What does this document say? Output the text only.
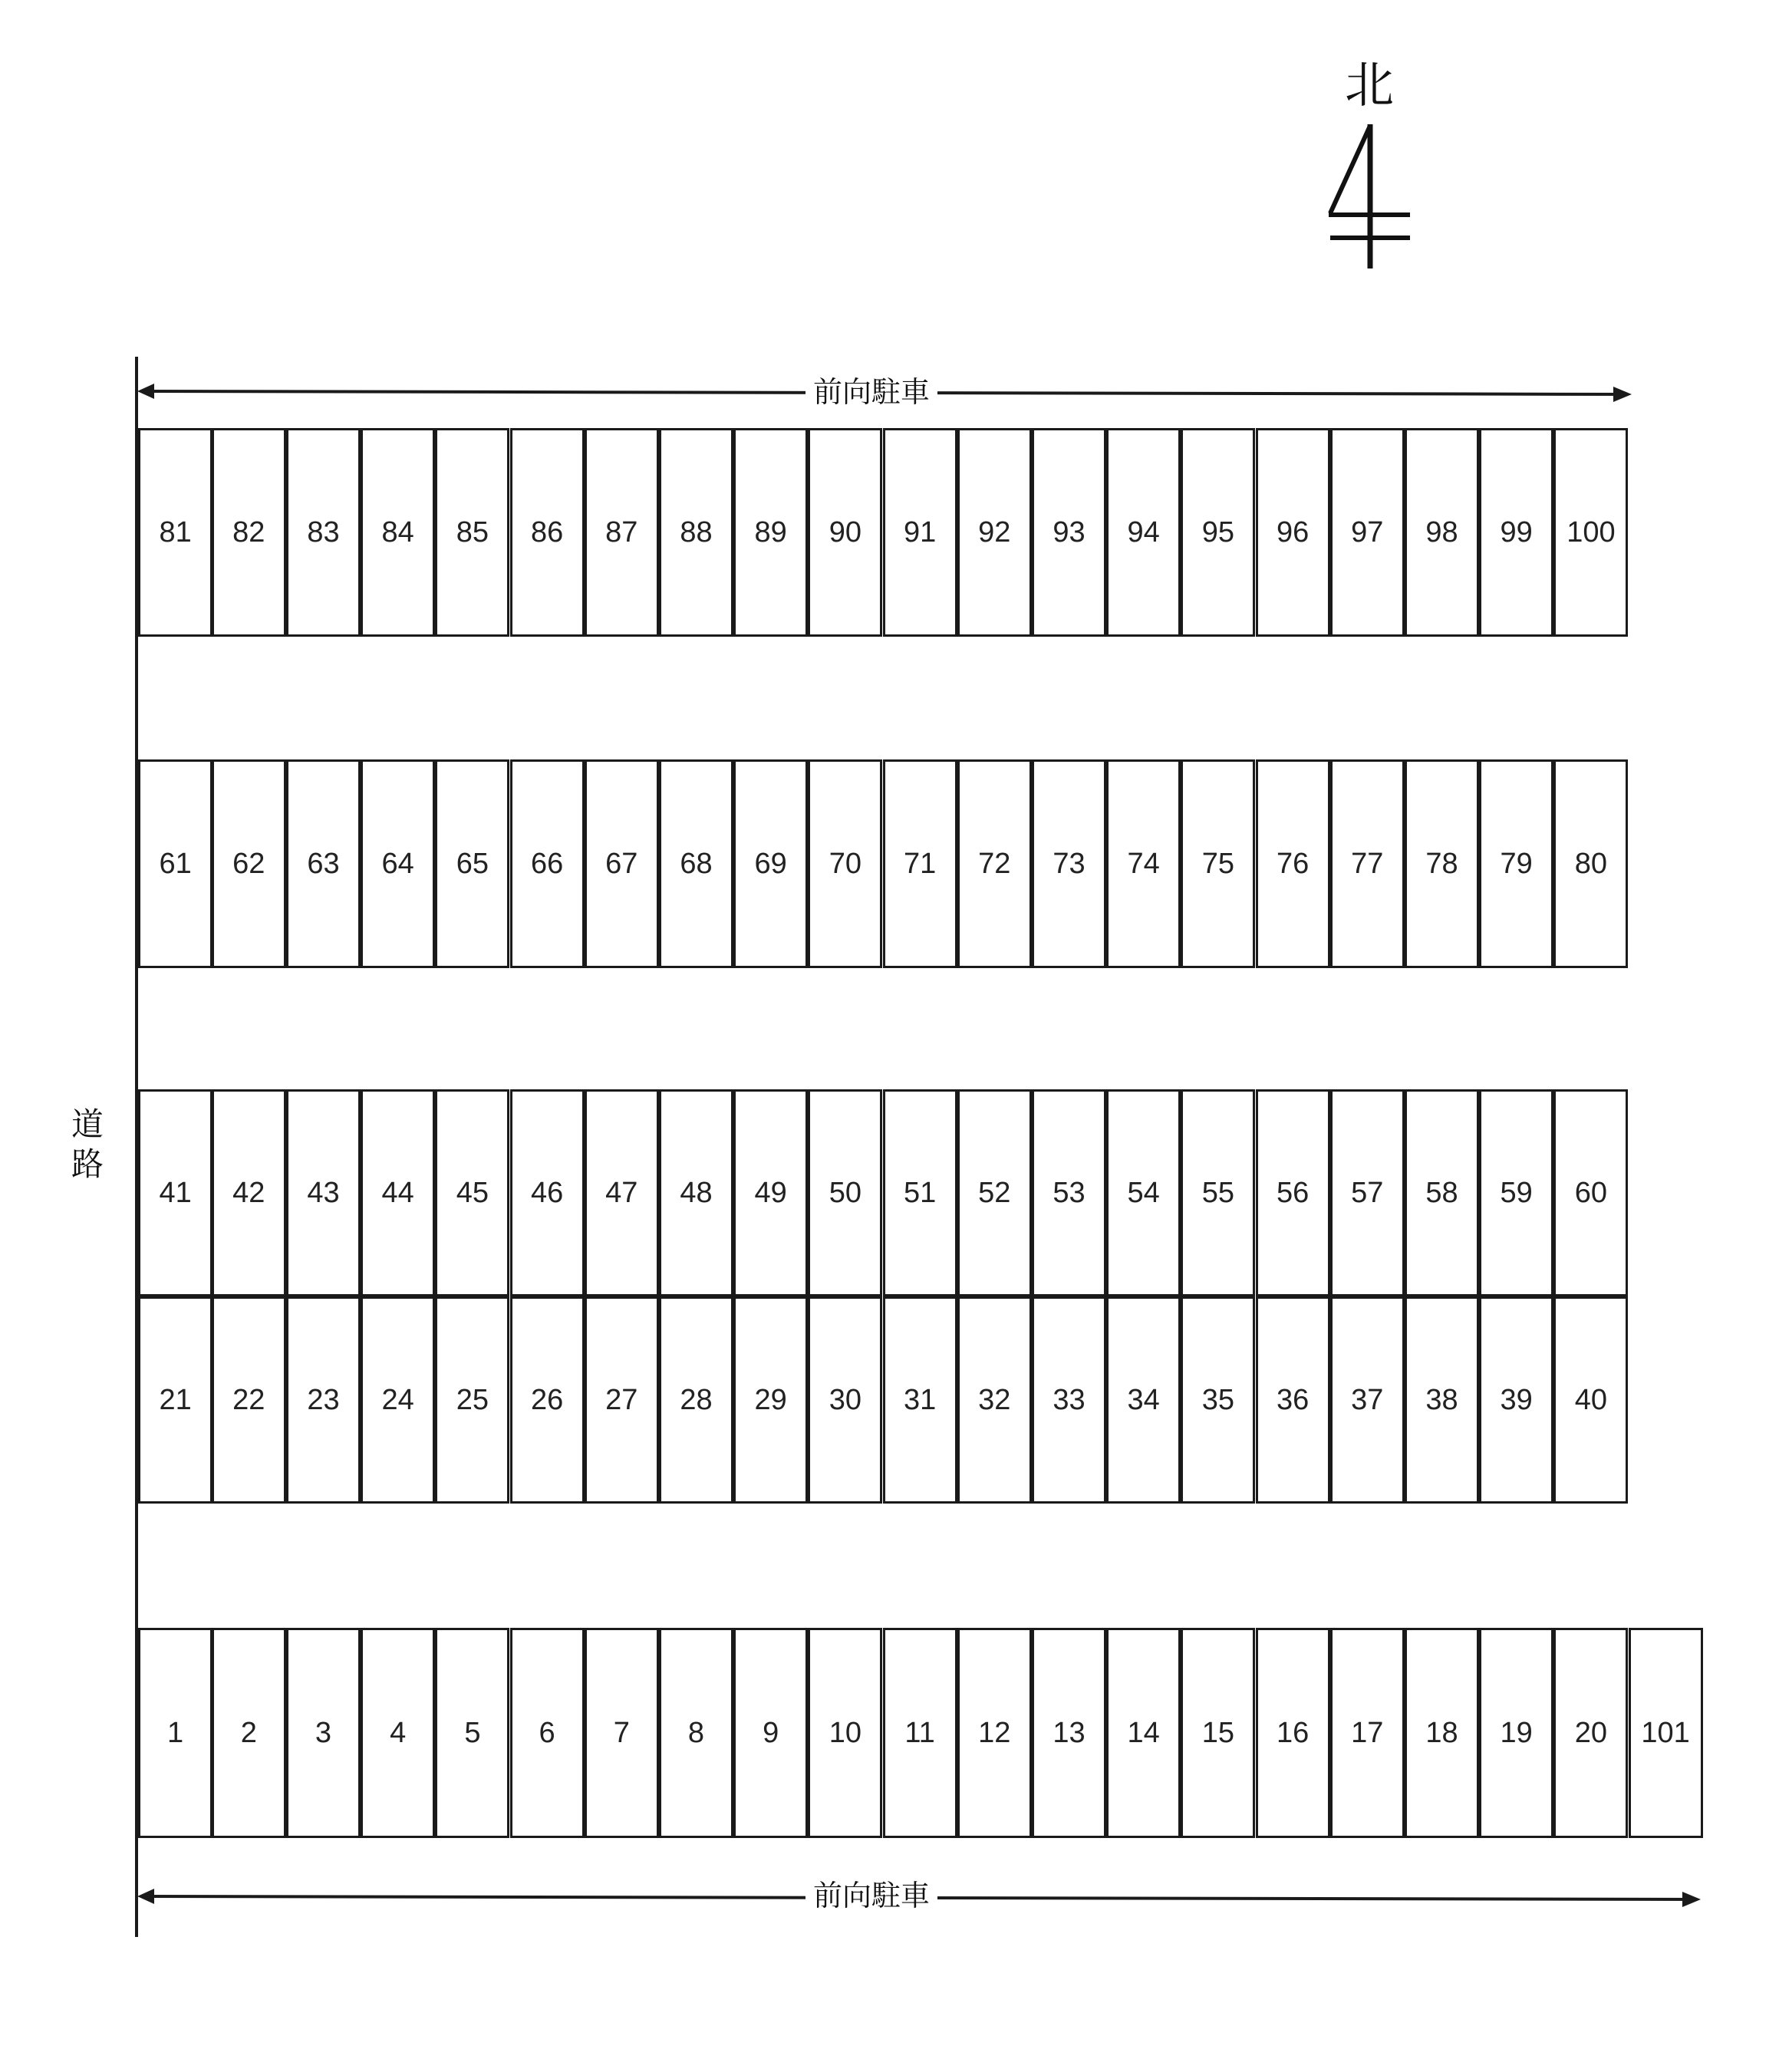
北
道
路
前向駐車
81 82 83 84 85 86 87 88 89 90 91 92 93 94 95 96 97 98 99 100
61 62 63 64 65 66 67 68 69 70 71 72 73 74 75 76 77 78 79 80
41 42 43 44 45 46 47 48 49 50 51 52 53 54 55 56 57 58 59 60
21 22 23 24 25 26 27 28 29 30 31 32 33 34 35 36 37 38 39 40
1 2 3 4 5 6 7 8 9 10 11 12 13 14 15 16 17 18 19 20 101
前向駐車
